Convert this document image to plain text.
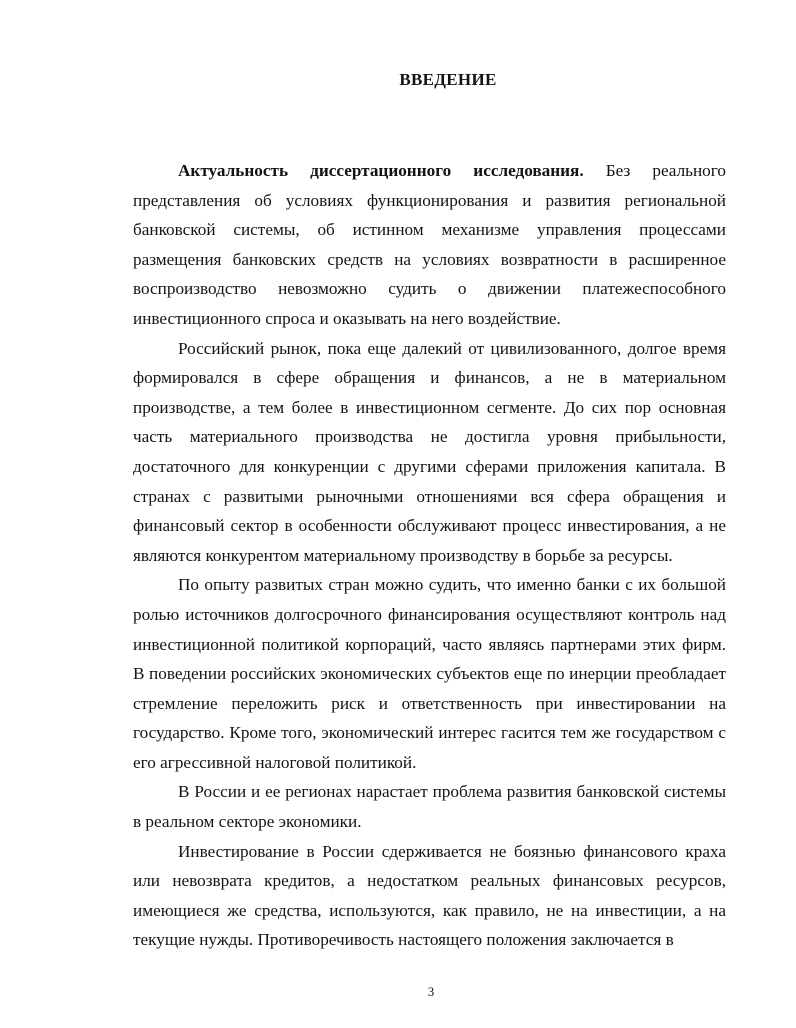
ВВЕДЕНИЕ

Актуальность диссертационного исследования. Без реального представления об условиях функционирования и развития региональной банковской системы, об истинном механизме управления процессами размещения банковских средств на условиях возвратности в расширенное воспроизводство невозможно судить о движении платежеспособного инвестиционного спроса и оказывать на него воздействие.

Российский рынок, пока еще далекий от цивилизованного, долгое время формировался в сфере обращения и финансов, а не в материальном производстве, а тем более в инвестиционном сегменте. До сих пор основная часть материального производства не достигла уровня прибыльности, достаточного для конкуренции с другими сферами приложения капитала. В странах с развитыми рыночными отношениями вся сфера обращения и финансовый сектор в особенности обслуживают процесс инвестирования, а не являются конкурентом материальному производству в борьбе за ресурсы.

По опыту развитых стран можно судить, что именно банки с их большой ролью источников долгосрочного финансирования осуществляют контроль над инвестиционной политикой корпораций, часто являясь партнерами этих фирм. В поведении российских экономических субъектов еще по инерции преобладает стремление переложить риск и ответственность при инвестировании на государство. Кроме того, экономический интерес гасится тем же государством с его агрессивной налоговой политикой.

В России и ее регионах нарастает проблема развития банковской системы в реальном секторе экономики.

Инвестирование в России сдерживается не боязнью финансового краха или невозврата кредитов, а недостатком реальных финансовых ресурсов, имеющиеся же средства, используются, как правило, не на инвестиции, а на текущие нужды. Противоречивость настоящего положения заключается в

3
